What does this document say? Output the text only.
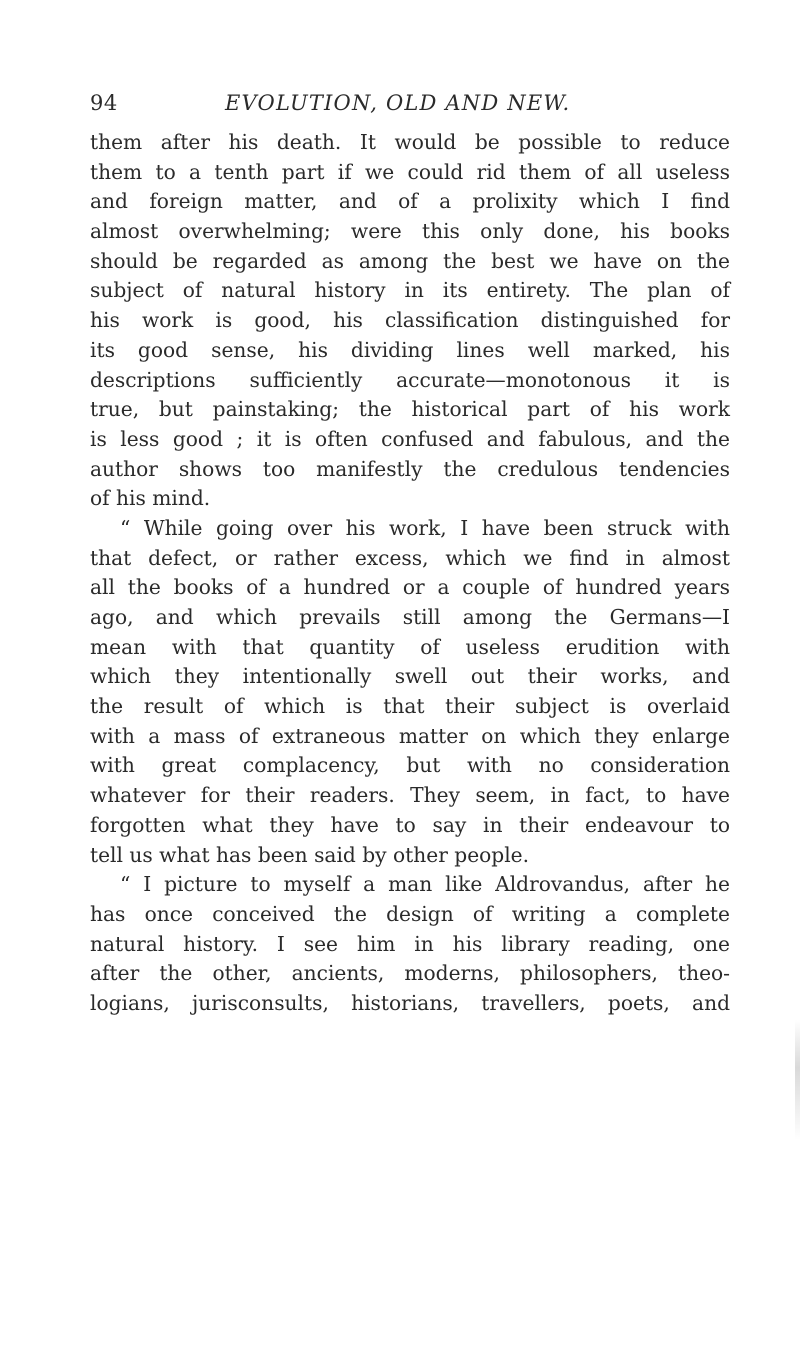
94	EVOLUTION, OLD AND NEW.
them after his death. It would be possible to reduce
them to a tenth part if we could rid them of all useless
and foreign matter, and of a prolixity which I find
almost overwhelming; were this only done, his books
should be regarded as among the best we have on the
subject of natural history in its entirety. The plan of
his work is good, his classification distinguished for
its good sense, his dividing lines well marked, his
descriptions sufficiently accurate—monotonous it is
true, but painstaking; the historical part of his work
is less good ; it is often confused and fabulous, and the
author shows too manifestly the credulous tendencies
of his mind.
“ While going over his work, I have been struck with
that defect, or rather excess, which we find in almost
all the books of a hundred or a couple of hundred years
ago, and which prevails still among the Germans—I
mean with that quantity of useless erudition with
which they intentionally swell out their works, and
the result of which is that their subject is overlaid
with a mass of extraneous matter on which they enlarge
with great complacency, but with no consideration
whatever for their readers. They seem, in fact, to have
forgotten what they have to say in their endeavour to
tell us what has been said by other people.
“ I picture to myself a man like Aldrovandus, after he
has once conceived the design of writing a complete
natural history. I see him in his library reading, one
after the other, ancients, moderns, philosophers, theo-
logians, jurisconsults, historians, travellers, poets, and
